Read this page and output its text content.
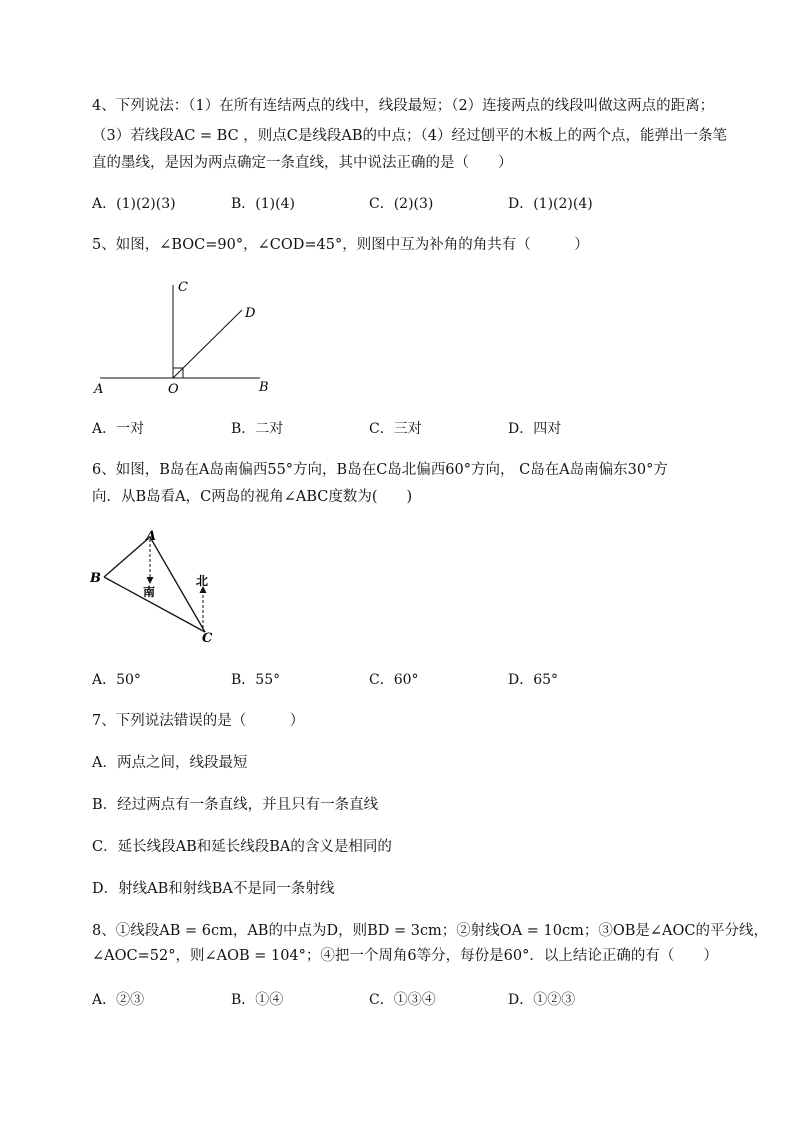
4、下列说法：（1）在所有连结两点的线中，线段最短；（2）连接两点的线段叫做这两点的距离；
（3）若线段AC = BC ，则点C是线段AB的中点；（4）经过刨平的木板上的两个点，能弹出一条笔
直的墨线，是因为两点确定一条直线，其中说法正确的是（　　）
A．(1)(2)(3)	B．(1)(4)	C．(2)(3)	D．(1)(2)(4)
5、如图，∠BOC=90°，∠COD=45°，则图中互为补角的角共有（　　　）
A	O	B
C
D
A．一对	B．二对	C．三对	D．四对
6、如图，B岛在A岛南偏西55°方向，B岛在C岛北偏西60°方向， C岛在A岛南偏东30°方
向．从B岛看A，C两岛的视角∠ABC度数为(　　)
A
B
C
南
北
A．50°	B．55°	C．60°	D．65°
7、下列说法错误的是（　　　）
A．两点之间，线段最短
B．经过两点有一条直线，并且只有一条直线
C．延长线段AB和延长线段BA的含义是相同的
D．射线AB和射线BA不是同一条射线
8、①线段AB = 6cm，AB的中点为D，则BD = 3cm；②射线OA = 10cm；③OB是∠AOC的平分线，
∠AOC=52°，则∠AOB = 104°；④把一个周角6等分，每份是60°．以上结论正确的有（　　）
A．②③	B．①④	C．①③④	D．①②③
